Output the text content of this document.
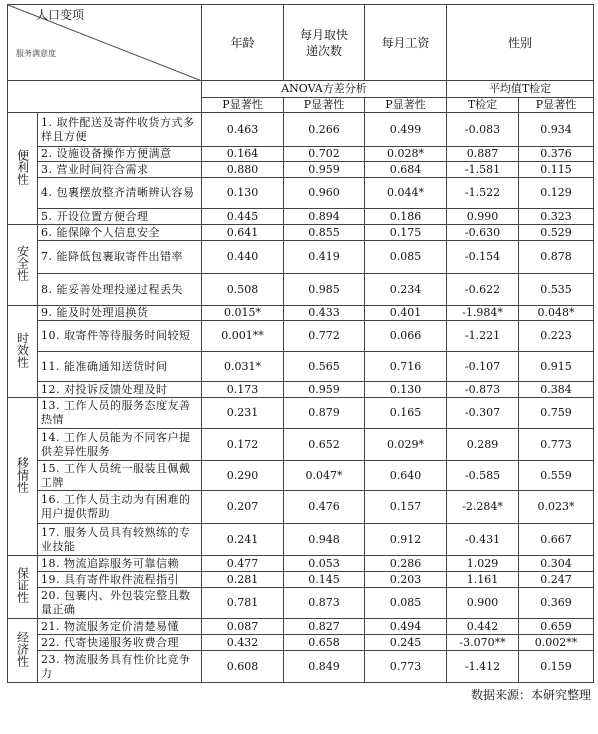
人口变项
服务满意度		年龄	每月取快递次数	每月工资	性别	
		ANOVA方差分析			平均值T检定	
		P显著性	P显著性	P显著性	T检定	P显著性
便利性	1. 取件配送及寄件收货方式多样且方便	0.463	0.266	0.499	-0.083	0.934
	2. 设施设备操作方便满意	0.164	0.702	0.028*	0.887	0.376
	3. 营业时间符合需求	0.880	0.959	0.684	-1.581	0.115
	4. 包裹摆放整齐清晰辨认容易	0.130	0.960	0.044*	-1.522	0.129
	5. 开设位置方便合理	0.445	0.894	0.186	0.990	0.323
安全性	6. 能保障个人信息安全	0.641	0.855	0.175	-0.630	0.529
	7. 能降低包裹取寄件出错率	0.440	0.419	0.085	-0.154	0.878
	8. 能妥善处理投递过程丢失	0.508	0.985	0.234	-0.622	0.535
时效性	9. 能及时处理退换货	0.015*	0.433	0.401	-1.984*	0.048*
	10. 取寄件等待服务时间较短	0.001**	0.772	0.066	-1.221	0.223
	11. 能准确通知送货时间	0.031*	0.565	0.716	-0.107	0.915
	12. 对投诉反馈处理及时	0.173	0.959	0.130	-0.873	0.384
移情性	13. 工作人员的服务态度友善热情	0.231	0.879	0.165	-0.307	0.759
	14. 工作人员能为不同客户提供差异性服务	0.172	0.652	0.029*	0.289	0.773
	15. 工作人员统一服装且佩戴工牌	0.290	0.047*	0.640	-0.585	0.559
	16. 工作人员主动为有困难的用户提供帮助	0.207	0.476	0.157	-2.284*	0.023*
	17. 服务人员具有较熟练的专业技能	0.241	0.948	0.912	-0.431	0.667
保证性	18. 物流追踪服务可靠信赖	0.477	0.053	0.286	1.029	0.304
	19. 具有寄件取件流程指引	0.281	0.145	0.203	1.161	0.247
	20. 包裹内、外包装完整且数量正确	0.781	0.873	0.085	0.900	0.369
经济性	21. 物流服务定价清楚易懂	0.087	0.827	0.494	0.442	0.659
	22. 代寄快递服务收费合理	0.432	0.658	0.245	-3.070**	0.002**
	23. 物流服务具有性价比竞争力	0.608	0.849	0.773	-1.412	0.159
数据来源：本研究整理
